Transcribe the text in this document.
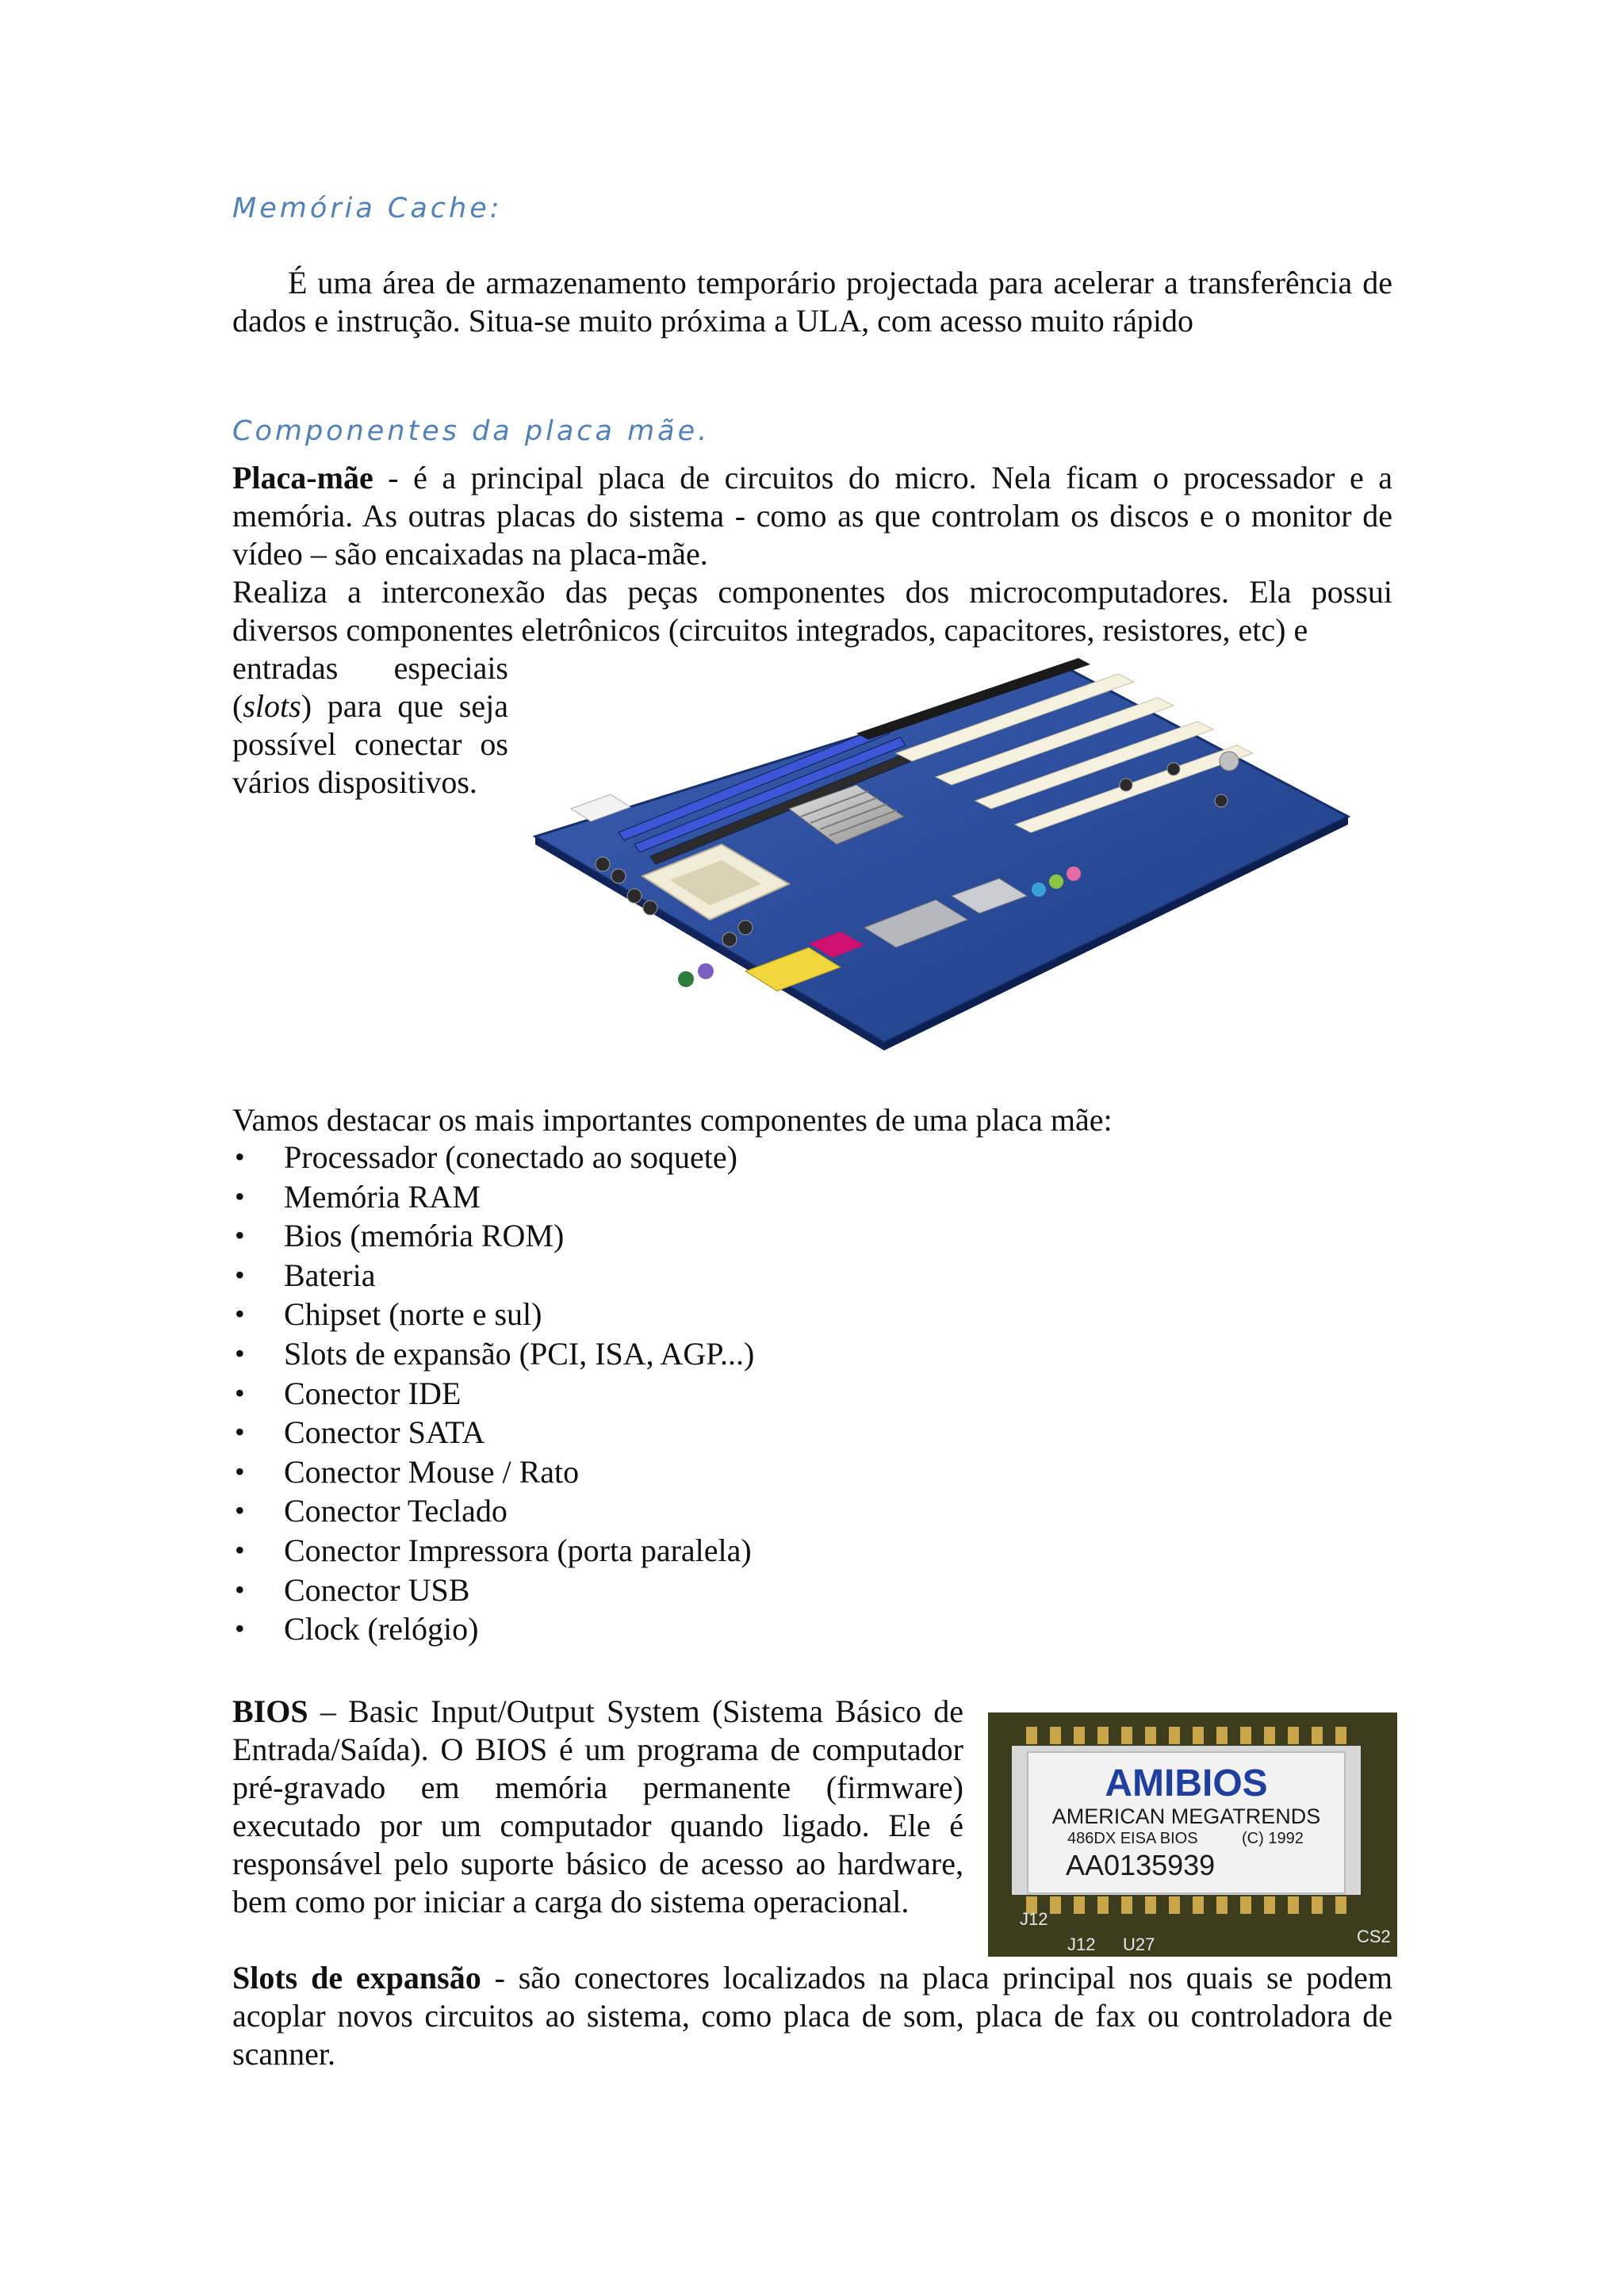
Memória Cache:

É uma área de armazenamento temporário projectada para acelerar a transferência de dados e instrução. Situa-se muito próxima a ULA, com acesso muito rápido

Componentes da placa mãe.

Placa-mãe - é a principal placa de circuitos do micro. Nela ficam o processador e a memória. As outras placas do sistema - como as que controlam os discos e o monitor de vídeo – são encaixadas na placa-mãe.

Realiza a interconexão das peças componentes dos microcomputadores. Ela possui diversos componentes eletrônicos (circuitos integrados, capacitores, resistores, etc) e

entradas especiais (slots) para que seja possível conectar os vários dispositivos.

Vamos destacar os mais importantes componentes de uma placa mãe:

• Processador (conectado ao soquete)
• Memória RAM
• Bios (memória ROM)
• Bateria
• Chipset (norte e sul)
• Slots de expansão (PCI, ISA, AGP...)
• Conector IDE
• Conector SATA
• Conector Mouse / Rato
• Conector Teclado
• Conector Impressora (porta paralela)
• Conector USB
• Clock (relógio)

BIOS – Basic Input/Output System (Sistema Básico de Entrada/Saída). O BIOS é um programa de computador pré-gravado em memória permanente (firmware) executado por um computador quando ligado. Ele é responsável pelo suporte básico de acesso ao hardware, bem como por iniciar a carga do sistema operacional.

AMIBIOS
AMERICAN MEGATRENDS
486DX EISA BIOS	(C) 1992
AA0135939
J12
J12 U27	CS2

Slots de expansão - são conectores localizados na placa principal nos quais se podem acoplar novos circuitos ao sistema, como placa de som, placa de fax ou controladora de scanner.
